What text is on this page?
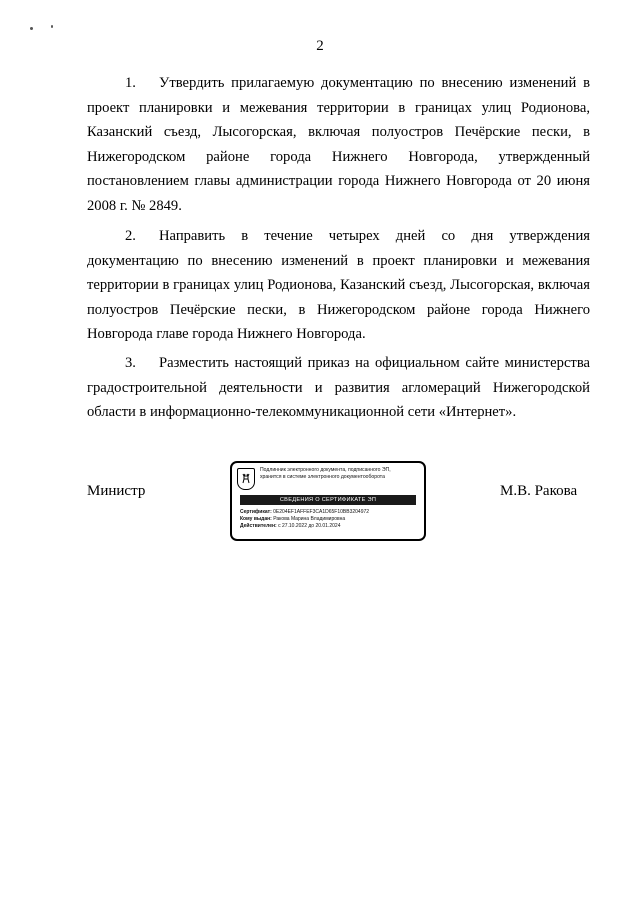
2
1. Утвердить прилагаемую документацию по внесению изменений в проект планировки и межевания территории в границах улиц Родионова, Казанский съезд, Лысогорская, включая полуостров Печёрские пески, в Нижегородском районе города Нижнего Новгорода, утвержденный постановлением главы администрации города Нижнего Новгорода от 20 июня 2008 г. № 2849.
2. Направить в течение четырех дней со дня утверждения документацию по внесению изменений в проект планировки и межевания территории в границах улиц Родионова, Казанский съезд, Лысогорская, включая полуостров Печёрские пески, в Нижегородском районе города Нижнего Новгорода главе города Нижнего Новгорода.
3. Разместить настоящий приказ на официальном сайте министерства градостроительной деятельности и развития агломераций Нижегородской области в информационно-телекоммуникационной сети «Интернет».
Министр
Подлинник электронного документа, подписанного ЭП,
хранится в системе электронного документооборота
СВЕДЕНИЯ О СЕРТИФИКАТЕ ЭП
Сертификат: 0E204EF1AFFEF3CA1D65F10BB3204972
Кому выдан: Ракова Марина Владимировна
Действителен: с 27.10.2022 до 20.01.2024
М.В. Ракова
